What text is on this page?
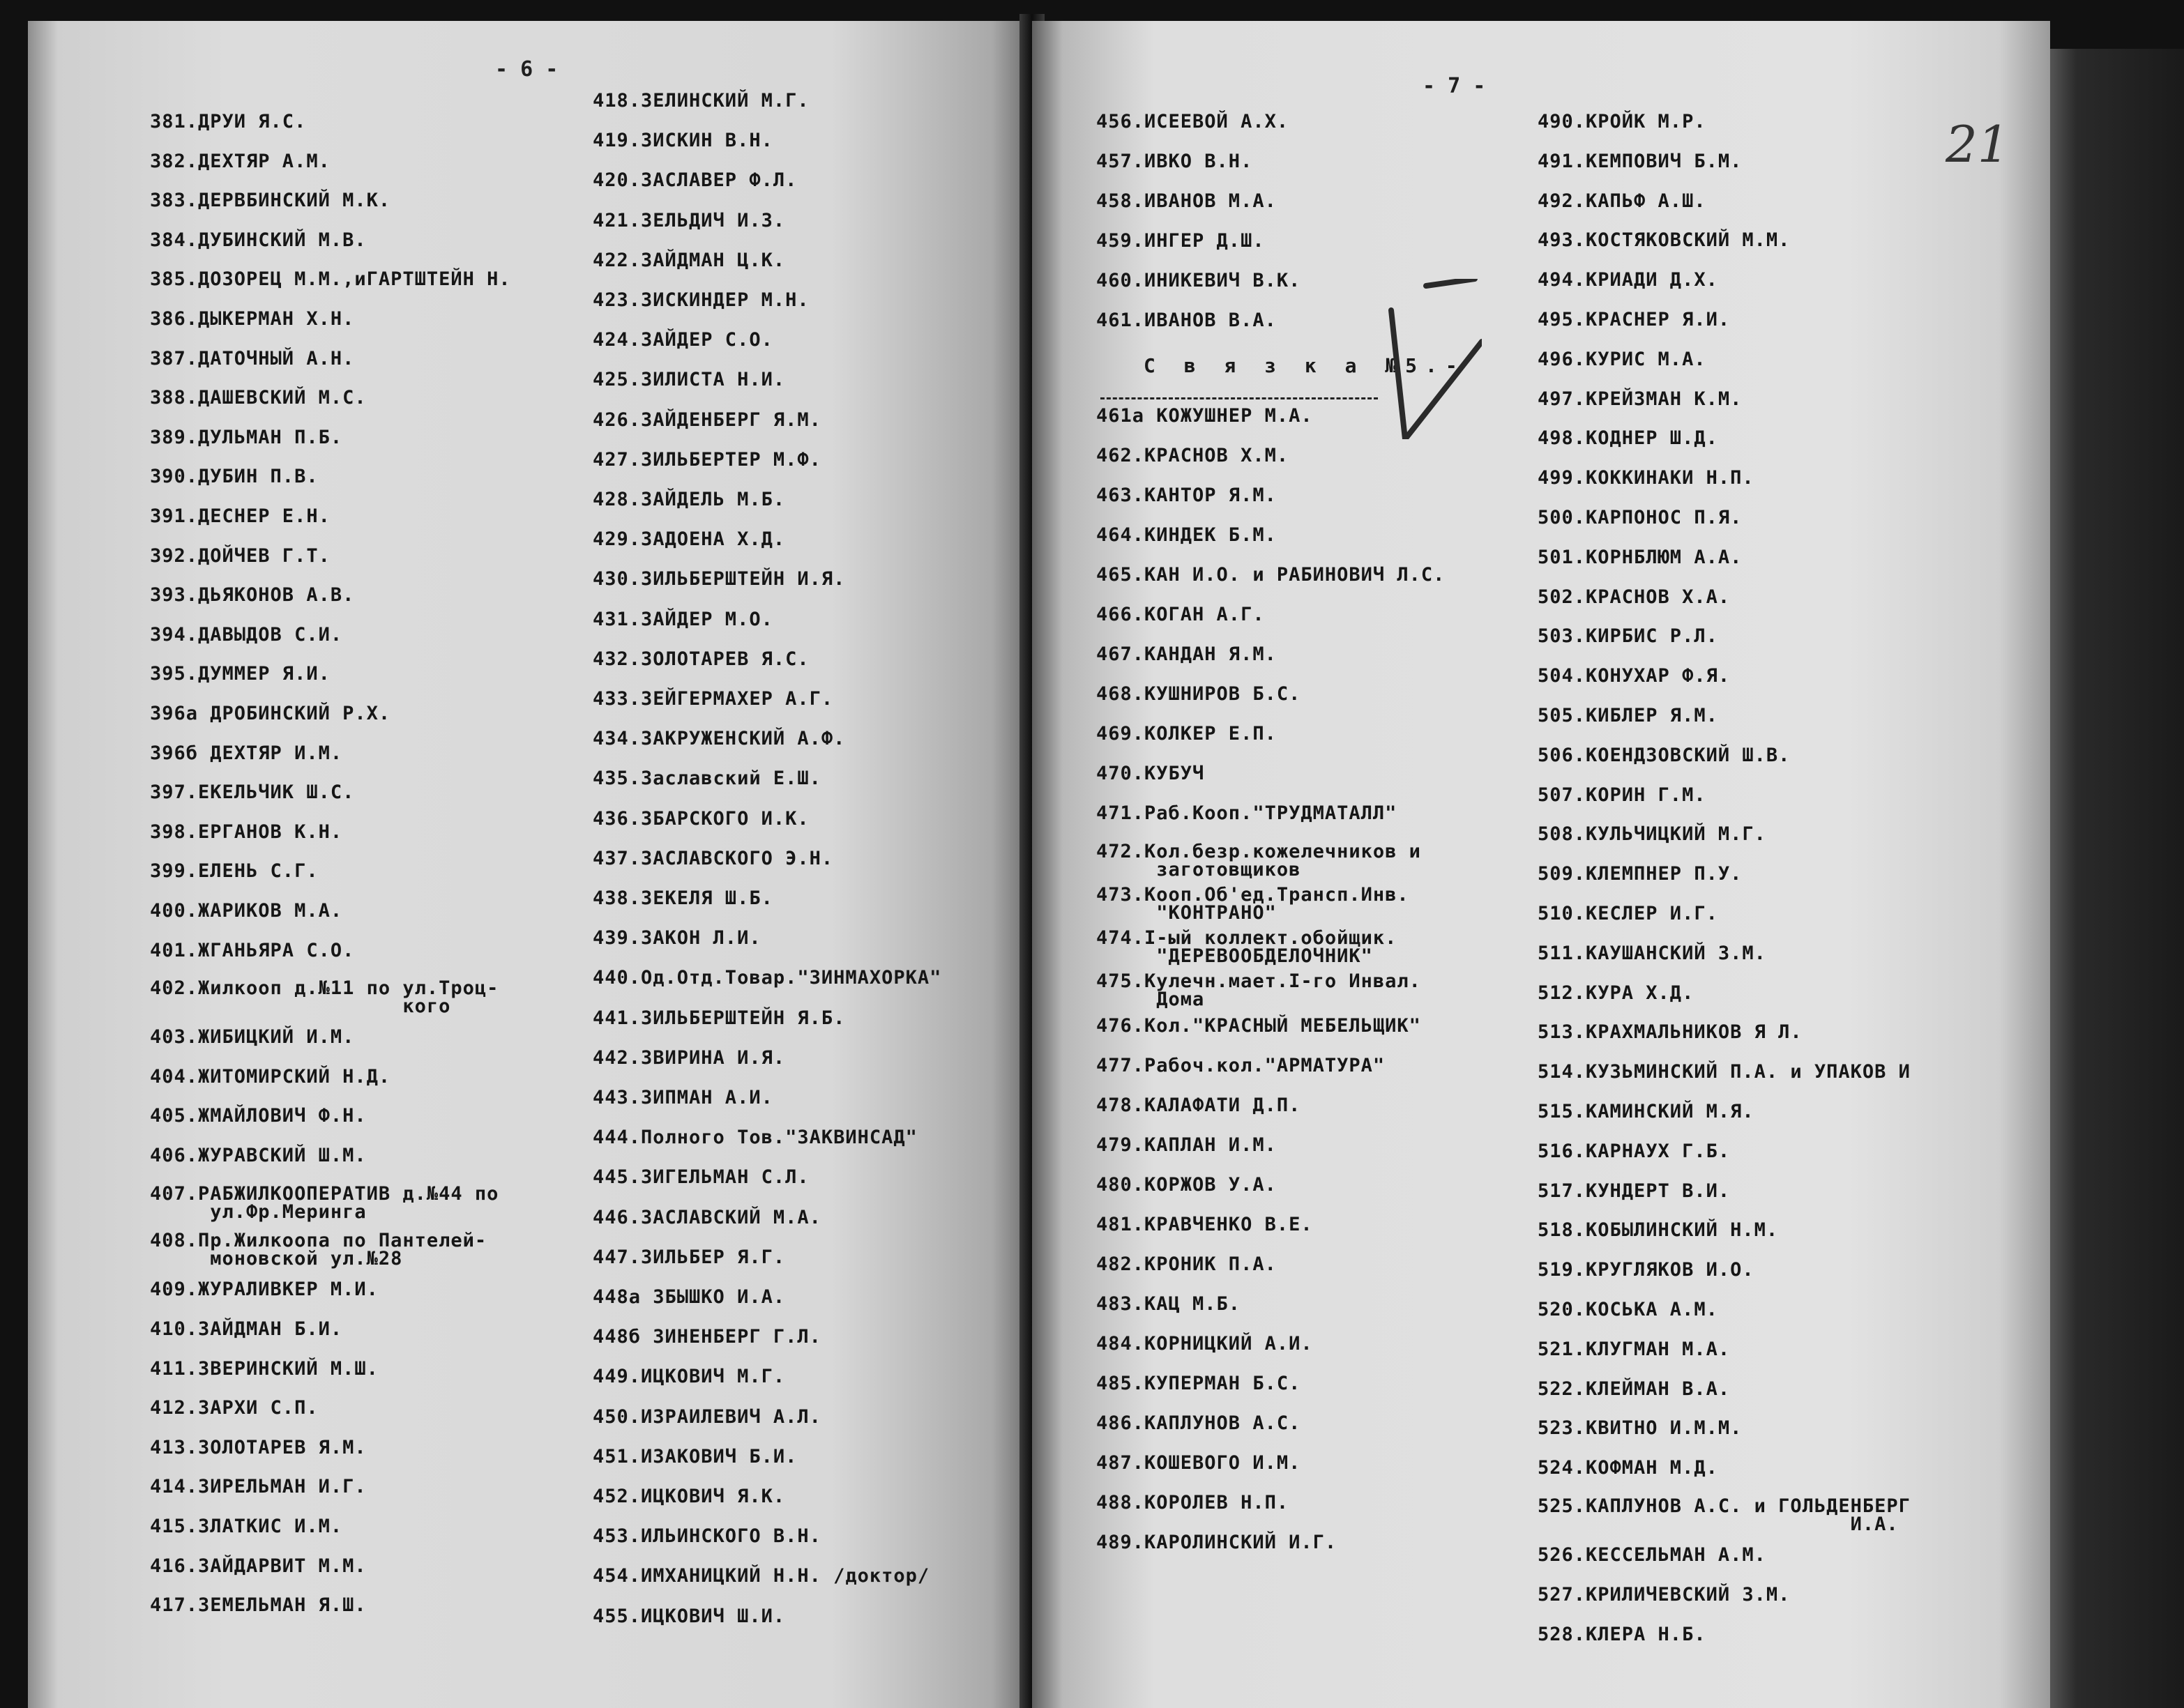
- 6 -
381.ДРУИ Я.С.
382.ДЕХТЯР А.М.
383.ДЕРВБИНСКИЙ М.К.
384.ДУБИНСКИЙ М.В.
385.ДОЗОРЕЦ М.М.,иГАРТШТЕЙН Н.
386.ДЫКЕРМАН Х.Н.
387.ДАТОЧНЫЙ А.Н.
388.ДАШЕВСКИЙ М.С.
389.ДУЛЬМАН П.Б.
390.ДУБИН П.В.
391.ДЕСНЕР Е.Н.
392.ДОЙЧЕВ Г.Т.
393.ДЬЯКОНОВ А.В.
394.ДАВЫДОВ С.И.
395.ДУММЕР Я.И.
396а ДРОБИНСКИЙ Р.Х.
396б ДЕХТЯР И.М.
397.ЕКЕЛЬЧИК Ш.С.
398.ЕРГАНОВ К.Н.
399.ЕЛЕНЬ С.Г.
400.ЖАРИКОВ М.А.
401.ЖГАНЬЯРА С.О.
402.Жилкооп д.№11 по ул.Троц-
кого
403.ЖИБИЦКИЙ И.М.
404.ЖИТОМИРСКИЙ Н.Д.
405.ЖМАЙЛОВИЧ Ф.Н.
406.ЖУРАВСКИЙ Ш.М.
407.РАБЖИЛКООПЕРАТИВ д.№44 по
ул.Фр.Меринга
408.Пр.Жилкоопа по Пантелей-
моновской ул.№28
409.ЖУРАЛИВКЕР М.И.
410.ЗАЙДМАН Б.И.
411.ЗВЕРИНСКИЙ М.Ш.
412.ЗАРХИ С.П.
413.ЗОЛОТАРЕВ Я.М.
414.ЗИРЕЛЬМАН И.Г.
415.ЗЛАТКИС И.М.
416.ЗАЙДАРВИТ М.М.
417.ЗЕМЕЛЬМАН Я.Ш.
418.ЗЕЛИНСКИЙ М.Г.
419.ЗИСКИН В.Н.
420.ЗАСЛАВЕР Ф.Л.
421.ЗЕЛЬДИЧ И.З.
422.ЗАЙДМАН Ц.К.
423.ЗИСКИНДЕР М.Н.
424.ЗАЙДЕР С.О.
425.ЗИЛИСТА Н.И.
426.ЗАЙДЕНБЕРГ Я.М.
427.ЗИЛЬБЕРТЕР М.Ф.
428.ЗАЙДЕЛЬ М.Б.
429.ЗАДОЕНА Х.Д.
430.ЗИЛЬБЕРШТЕЙН И.Я.
431.ЗАЙДЕР М.О.
432.ЗОЛОТАРЕВ Я.С.
433.ЗЕЙГЕРМАХЕР А.Г.
434.ЗАКРУЖЕНСКИЙ А.Ф.
435.Заславский Е.Ш.
436.ЗБАРСКОГО И.К.
437.ЗАСЛАВСКОГО Э.Н.
438.ЗЕКЕЛЯ Ш.Б.
439.ЗАКОН Л.И.
440.Од.Отд.Товар."ЗИНМАХОРКА"
441.ЗИЛЬБЕРШТЕЙН Я.Б.
442.ЗВИРИНА И.Я.
443.ЗИПМАН А.И.
444.Полного Тов."ЗАКВИНСАД"
445.ЗИГЕЛЬМАН С.Л.
446.ЗАСЛАВСКИЙ М.А.
447.ЗИЛЬБЕР Я.Г.
448а ЗБЫШКО И.А.
448б ЗИНЕНБЕРГ Г.Л.
449.ИЦКОВИЧ М.Г.
450.ИЗРАИЛЕВИЧ А.Л.
451.ИЗАКОВИЧ Б.И.
452.ИЦКОВИЧ Я.К.
453.ИЛЬИНСКОГО В.Н.
454.ИМХАНИЦКИЙ Н.Н. /доктор/
455.ИЦКОВИЧ Ш.И.
- 7 -
21
С в я з к а №5.-
456.ИСЕЕВОЙ А.Х.
457.ИВКО В.Н.
458.ИВАНОВ М.А.
459.ИНГЕР Д.Ш.
460.ИНИКЕВИЧ В.К.
461.ИВАНОВ В.А.
461а КОЖУШНЕР М.А.
462.КРАСНОВ Х.М.
463.КАНТОР Я.М.
464.КИНДЕК Б.М.
465.КАН И.О. и РАБИНОВИЧ Л.С.
466.КОГАН А.Г.
467.КАНДАН Я.М.
468.КУШНИРОВ Б.С.
469.КОЛКЕР Е.П.
470.КУБУЧ
471.Раб.Кооп."ТРУДМАТАЛЛ"
472.Кол.безр.кожелечников и
заготовщиков
473.Кооп.Об'ед.Трансп.Инв.
"КОНТРАНО"
474.I-ый коллект.обойщик.
"ДЕРЕВООБДЕЛОЧНИК"
475.Кулечн.мает.I-го Инвал.
Дома
476.Кол."КРАСНЫЙ МЕБЕЛЬЩИК"
477.Рабоч.кол."АРМАТУРА"
478.КАЛАФАТИ Д.П.
479.КАПЛАН И.М.
480.КОРЖОВ У.А.
481.КРАВЧЕНКО В.Е.
482.КРОНИК П.А.
483.КАЦ М.Б.
484.КОРНИЦКИЙ А.И.
485.КУПЕРМАН Б.С.
486.КАПЛУНОВ А.С.
487.КОШЕВОГО И.М.
488.КОРОЛЕВ Н.П.
489.КАРОЛИНСКИЙ И.Г.
490.КРОЙК М.Р.
491.КЕМПОВИЧ Б.М.
492.КАПЬФ А.Ш.
493.КОСТЯКОВСКИЙ М.М.
494.КРИАДИ Д.Х.
495.КРАСНЕР Я.И.
496.КУРИС М.А.
497.КРЕЙЗМАН К.М.
498.КОДНЕР Ш.Д.
499.КОККИНАКИ Н.П.
500.КАРПОНОС П.Я.
501.КОРНБЛЮМ А.А.
502.КРАСНОВ Х.А.
503.КИРБИС Р.Л.
504.КОНУХАР Ф.Я.
505.КИБЛЕР Я.М.
506.КОЕНДЗОВСКИЙ Ш.В.
507.КОРИН Г.М.
508.КУЛЬЧИЦКИЙ М.Г.
509.КЛЕМПНЕР П.У.
510.КЕСЛЕР И.Г.
511.КАУШАНСКИЙ З.М.
512.КУРА Х.Д.
513.КРАХМАЛЬНИКОВ Я Л.
514.КУЗЬМИНСКИЙ П.А. и УПАКОВ И
515.КАМИНСКИЙ М.Я.
516.КАРНАУХ Г.Б.
517.КУНДЕРТ В.И.
518.КОБЫЛИНСКИЙ Н.М.
519.КРУГЛЯКОВ И.О.
520.КОСЬКА А.М.
521.КЛУГМАН М.А.
522.КЛЕЙМАН В.А.
523.КВИТНО И.М.М.
524.КОФМАН М.Д.
525.КАПЛУНОВ А.С. и ГОЛЬДЕНБЕРГ
И.А.
526.КЕССЕЛЬМАН А.М.
527.КРИЛИЧЕВСКИЙ З.М.
528.КЛЕРА Н.Б.
